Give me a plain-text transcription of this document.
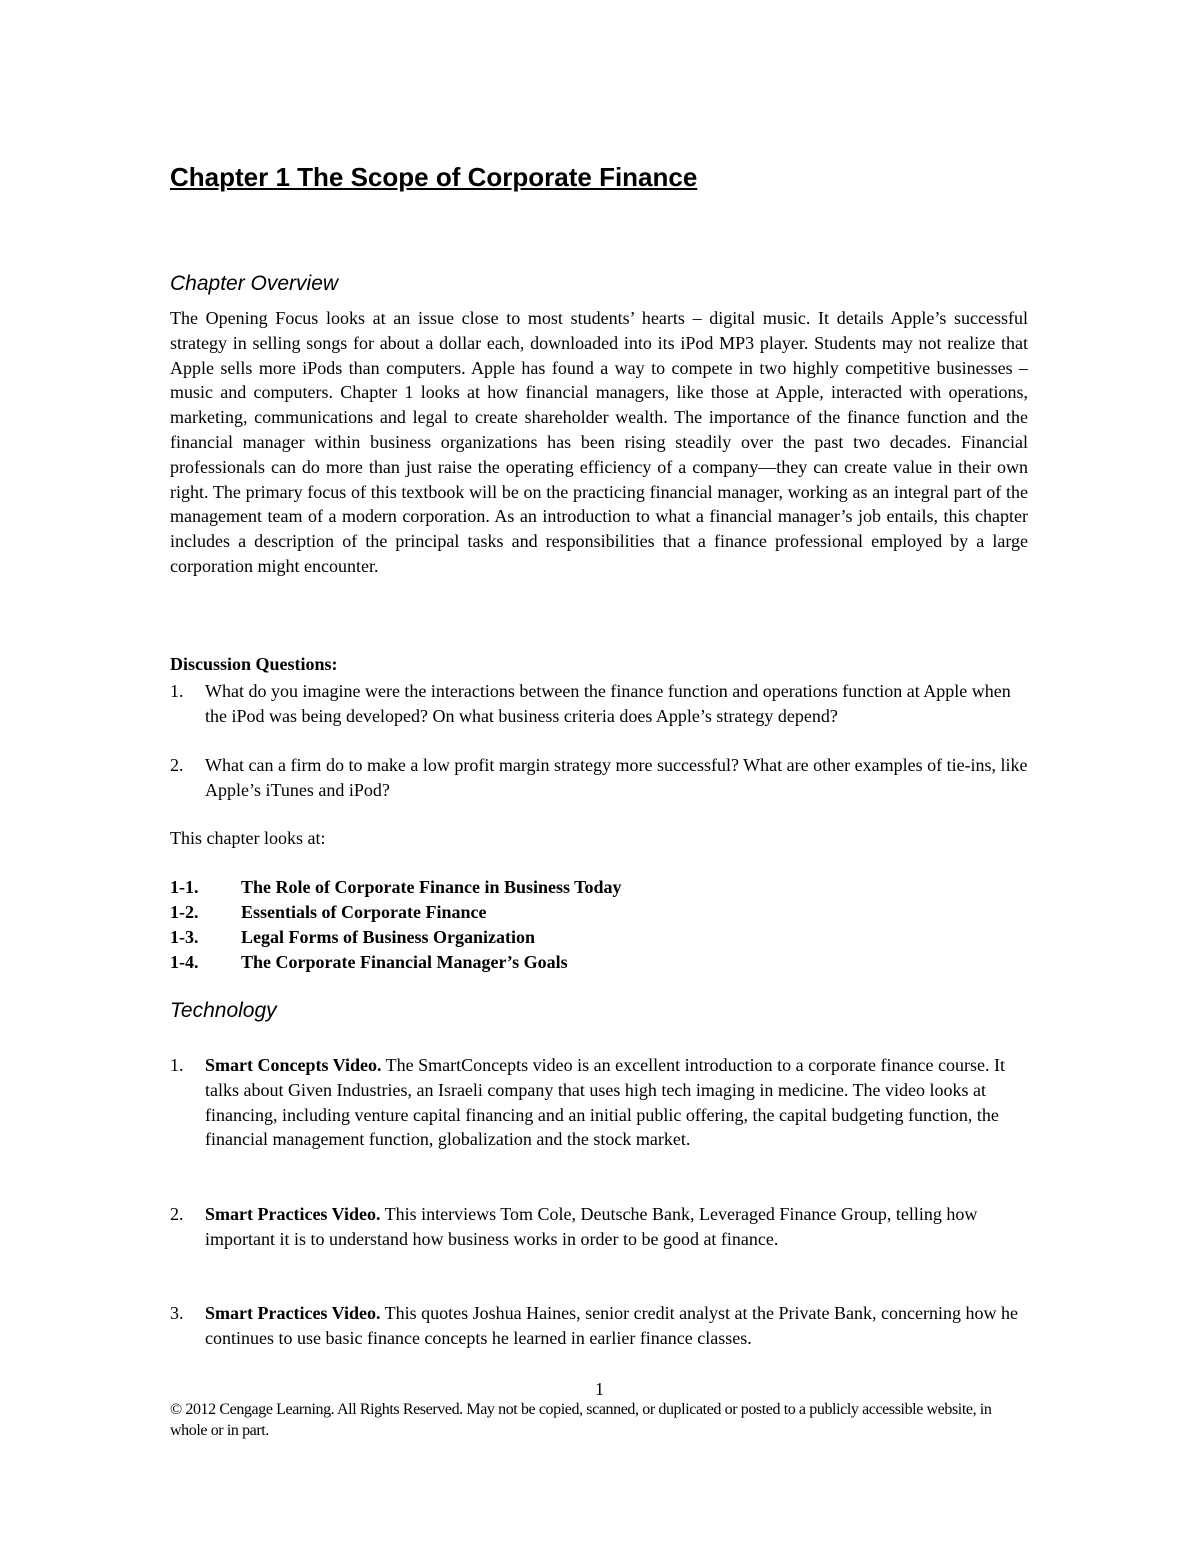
Chapter 1 The Scope of Corporate Finance
Chapter Overview

The Opening Focus looks at an issue close to most students’ hearts – digital music. It details Apple’s successful strategy in selling songs for about a dollar each, downloaded into its iPod MP3 player. Students may not realize that Apple sells more iPods than computers. Apple has found a way to compete in two highly competitive businesses – music and computers. Chapter 1 looks at how financial managers, like those at Apple, interacted with operations, marketing, communications and legal to create shareholder wealth. The importance of the finance function and the financial manager within business organizations has been rising steadily over the past two decades. Financial professionals can do more than just raise the operating efficiency of a company—they can create value in their own right. The primary focus of this textbook will be on the practicing financial manager, working as an integral part of the management team of a modern corporation. As an introduction to what a financial manager’s job entails, this chapter includes a description of the principal tasks and responsibilities that a finance professional employed by a large corporation might encounter.

Discussion Questions:

1. What do you imagine were the interactions between the finance function and operations function at Apple when the iPod was being developed? On what business criteria does Apple’s strategy depend?
2. What can a firm do to make a low profit margin strategy more successful? What are other examples of tie-ins, like Apple’s iTunes and iPod?

This chapter looks at:

1-1. The Role of Corporate Finance in Business Today
1-2. Essentials of Corporate Finance
1-3. Legal Forms of Business Organization
1-4. The Corporate Financial Manager’s Goals
Technology
1. Smart Concepts Video. The SmartConcepts video is an excellent introduction to a corporate finance course. It talks about Given Industries, an Israeli company that uses high tech imaging in medicine. The video looks at financing, including venture capital financing and an initial public offering, the capital budgeting function, the financial management function, globalization and the stock market.
2. Smart Practices Video. This interviews Tom Cole, Deutsche Bank, Leveraged Finance Group, telling how important it is to understand how business works in order to be good at finance.
3. Smart Practices Video. This quotes Joshua Haines, senior credit analyst at the Private Bank, concerning how he continues to use basic finance concepts he learned in earlier finance classes.
1
© 2012 Cengage Learning. All Rights Reserved. May not be copied, scanned, or duplicated or posted to a publicly accessible website, in whole or in part.
